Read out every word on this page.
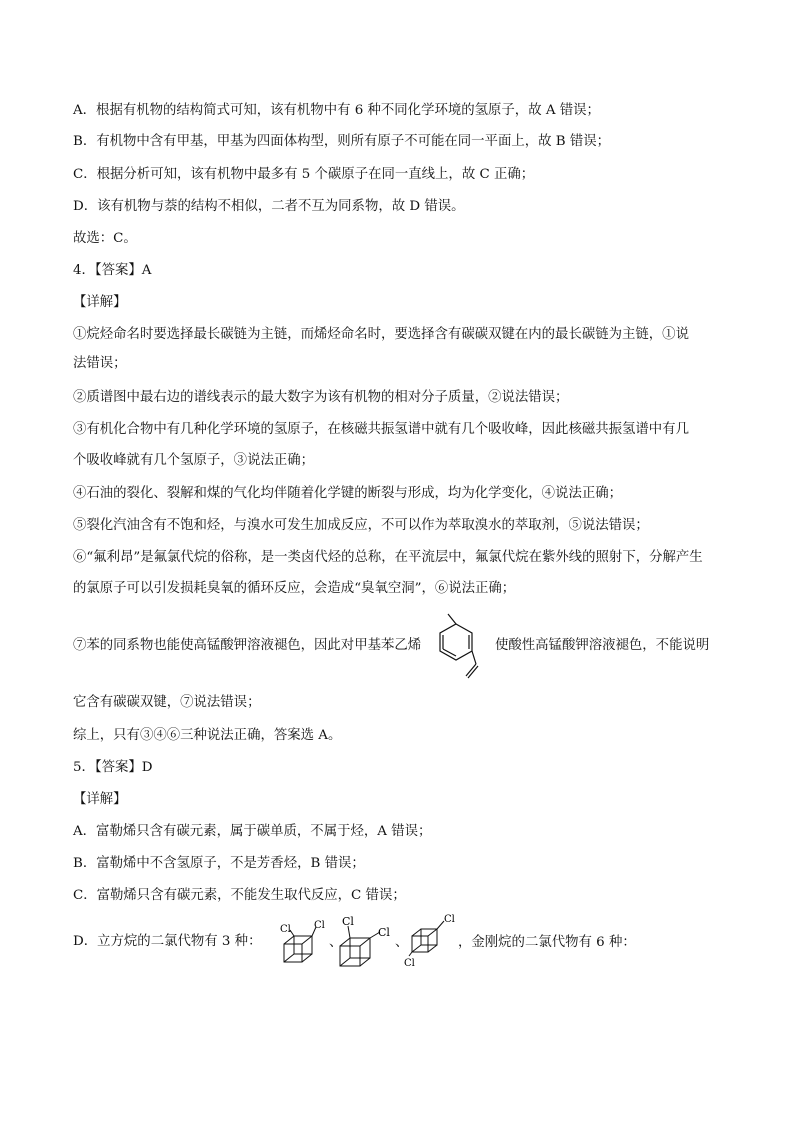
A．根据有机物的结构简式可知，该有机物中有 6 种不同化学环境的氢原子，故 A 错误；
B．有机物中含有甲基，甲基为四面体构型，则所有原子不可能在同一平面上，故 B 错误；
C．根据分析可知，该有机物中最多有 5 个碳原子在同一直线上，故 C 正确；
D．该有机物与萘的结构不相似，二者不互为同系物，故 D 错误。
故选：C。
4．【答案】A
【详解】
①烷烃命名时要选择最长碳链为主链，而烯烃命名时，要选择含有碳碳双键在内的最长碳链为主链，①说
法错误；
②质谱图中最右边的谱线表示的最大数字为该有机物的相对分子质量，②说法错误；
③有机化合物中有几种化学环境的氢原子，在核磁共振氢谱中就有几个吸收峰，因此核磁共振氢谱中有几
个吸收峰就有几个氢原子，③说法正确；
④石油的裂化、裂解和煤的气化均伴随着化学键的断裂与形成，均为化学变化，④说法正确；
⑤裂化汽油含有不饱和烃，与溴水可发生加成反应，不可以作为萃取溴水的萃取剂，⑤说法错误；
⑥“氟利昂”是氟氯代烷的俗称，是一类卤代烃的总称，在平流层中，氟氯代烷在紫外线的照射下，分解产生
的氯原子可以引发损耗臭氧的循环反应，会造成“臭氧空洞”，⑥说法正确；
⑦苯的同系物也能使高锰酸钾溶液褪色，因此对甲基苯乙烯	使酸性高锰酸钾溶液褪色，不能说明
它含有碳碳双键，⑦说法错误；
综上，只有③④⑥三种说法正确，答案选 A。
5．【答案】D
【详解】
A．富勒烯只含有碳元素，属于碳单质，不属于烃，A 错误；
B．富勒烯中不含氢原子，不是芳香烃，B 错误；
C．富勒烯只含有碳元素，不能发生取代反应，C 错误；
D．立方烷的二氯代物有 3 种：
Cl Cl
、
Cl
Cl
、
Cl
Cl
，金刚烷的二氯代物有 6 种：
